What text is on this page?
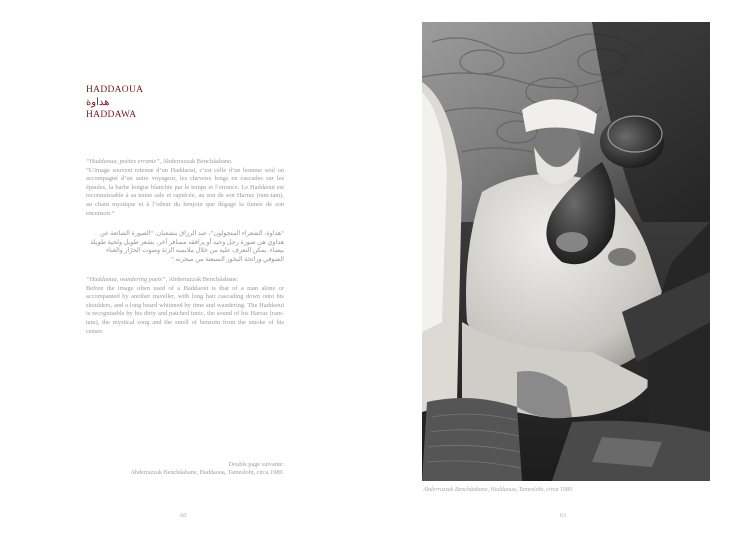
HADDAOUA
هداوة
HADDAWA
“Haddaoua, poètes errants”, Abderrazzak Benchâabane.
“L’image souvent retenue d’un Haddaoui, c’est celle d’un homme seul ou accompagné d’un autre voyageur, les cheveux longs en cascades sur les épaules, la barbe longue blanchie par le temps et l’errance. Le Haddaoui est reconnaissable à sa tenue sale et rapiécée, au son de son Harraz (ram-tam), au chant mystique et à l’odeur du benjoin que dégage la fumée de son encensoir.”
“هداوة، الشعراء المتجولون”، عبد الرزاق بنشعبان. “الصورة الشائعة عن هداوي هي صورة رجل وحيد أو يرافقه مسافر آخر، بشعر طويل ولحية طويلة بيضاء. يمكن التعرف عليه من خلال ملابسه الرثة وصوت الحرّاز والغناء الصوفي ورائحة البخور المنبعثة من مبخرته.”
“Haddaoua, wandering poets”, Abderrazzak Benchâabane.
Before the image often used of a Haddaoui is that of a man alone or accompanied by another traveller, with long hair cascading down onto his shoulders, and a long beard whitened by time and wandering. The Haddaoui is recognisable by his dirty and patched tunic, the sound of his Harraz (ram-tam), the mystical song and the smell of benzoin from the smoke of his censer.
Double page suivante:
Abderrazzak Benchâabane, Haddaoua, Tamesloht, circa 1980.
60
Abderrazzak Benchâabane, Haddaoua, Tamesloht, circa 1980.
61
